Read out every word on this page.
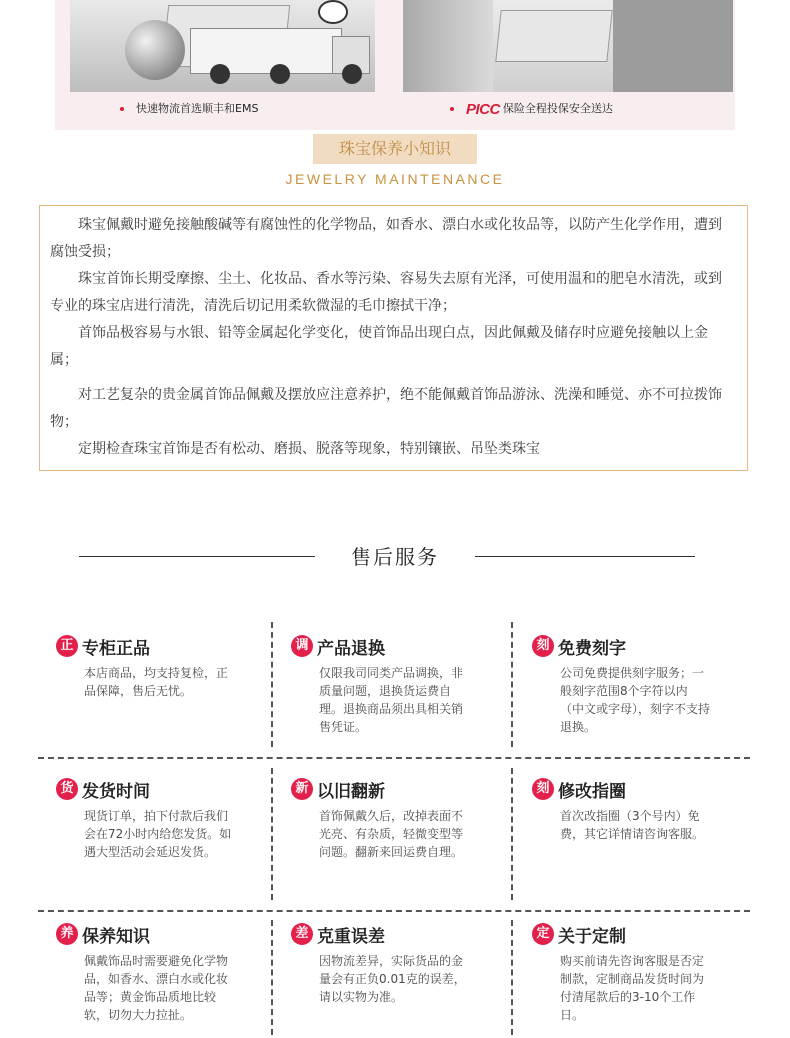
快速物流首选顺丰和EMS	PICC 保险全程投保安全送达
珠宝保养小知识
JEWELRY MAINTENANCE

珠宝佩戴时避免接触酸碱等有腐蚀性的化学物品，如香水、漂白水或化妆品等，以防产生化学作用，遭到腐蚀受损；

珠宝首饰长期受摩擦、尘土、化妆品、香水等污染、容易失去原有光泽，可使用温和的肥皂水清洗，或到专业的珠宝店进行清洗，清洗后切记用柔软微湿的毛巾擦拭干净；

首饰品极容易与水银、铅等金属起化学变化，使首饰品出现白点，因此佩戴及储存时应避免接触以上金属；

对工艺复杂的贵金属首饰品佩戴及摆放应注意养护，绝不能佩戴首饰品游泳、洗澡和睡觉、亦不可拉拨饰物；

定期检查珠宝首饰是否有松动、磨损、脱落等现象，特别镶嵌、吊坠类珠宝

售后服务
正 专柜正品
本店商品，均支持复检，正品保障，售后无忧。
调 产品退换
仅限我司同类产品调换，非质量问题，退换货运费自理。退换商品须出具相关销售凭证。
刻 免费刻字
公司免费提供刻字服务；一般刻字范围8个字符以内（中文或字母），刻字不支持退换。
货 发货时间
现货订单，拍下付款后我们会在72小时内给您发货。如遇大型活动会延迟发货。
新 以旧翻新
首饰佩戴久后，改掉表面不光亮、有杂质，轻微变型等问题。翻新来回运费自理。
刻 修改指圈
首次改指圈（3个号内）免费，其它详情请咨询客服。
养 保养知识
佩戴饰品时需要避免化学物品，如香水、漂白水或化妆品等；黄金饰品质地比较软，切勿大力拉扯。
差 克重误差
因物流差异，实际货品的金量会有正负0.01克的误差，请以实物为准。
定 关于定制
购买前请先咨询客服是否定制款，定制商品发货时间为付清尾款后的3-10个工作日。
